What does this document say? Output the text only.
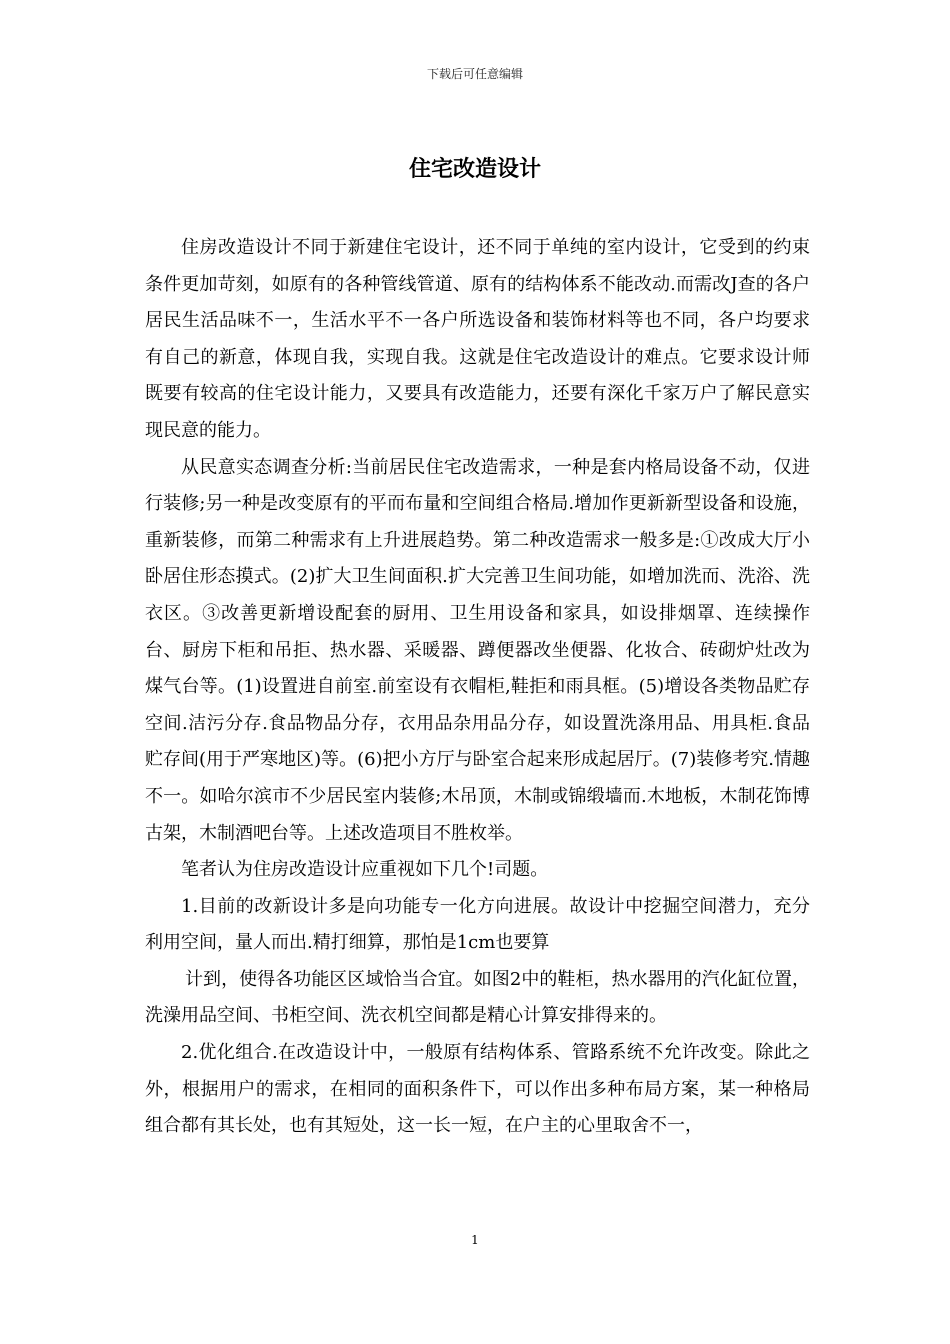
下载后可任意编辑
住宅改造设计

住房改造设计不同于新建住宅设计，还不同于单纯的室内设计，它受到的约束条件更加苛刻，如原有的各种管线管道、原有的结构体系不能改动.而需改J查的各户居民生活品味不一，生活水平不一各户所选设备和装饰材料等也不同，各户均要求有自己的新意，体现自我，实现自我。这就是住宅改造设计的难点。它要求设计师既要有较高的住宅设计能力，又要具有改造能力，还要有深化千家万户了解民意实现民意的能力。

从民意实态调查分析:当前居民住宅改造需求，一种是套内格局设备不动，仅进行装修;另一种是改变原有的平而布量和空间组合格局.增加作更新新型设备和设施，重新装修，而第二种需求有上升进展趋势。第二种改造需求一般多是:①改成大厅小卧居住形态摸式。(2)扩大卫生间面积.扩大完善卫生间功能，如增加洗而、洗浴、洗衣区。③改善更新增设配套的厨用、卫生用设备和家具，如设排烟罩、连续操作台、厨房下柜和吊拒、热水器、采暖器、蹲便器改坐便器、化妆合、砖砌炉灶改为煤气台等。(1)设置进自前室.前室设有衣帽柜,鞋拒和雨具框。(5)增设各类物品贮存空间.洁污分存.食品物品分存，衣用品杂用品分存，如设置洗涤用品、用具柜.食品贮存间(用于严寒地区)等。(6)把小方厅与卧室合起来形成起居厅。(7)装修考究.情趣不一。如哈尔滨市不少居民室内装修;木吊顶，木制或锦缎墙而.木地板，木制花饰博古架，木制酒吧台等。上述改造项目不胜枚举。

笔者认为住房改造设计应重视如下几个!司题。

1.目前的改新设计多是向功能专一化方向进展。故设计中挖掘空间潜力，充分利用空间，量人而出.精打细算，那怕是1cm也要算

计到，使得各功能区区域恰当合宜。如图2中的鞋柜，热水器用的汽化缸位置，洗澡用品空间、书柜空间、洗衣机空间都是精心计算安排得来的。

2.优化组合.在改造设计中，一般原有结构体系、管路系统不允许改变。除此之外，根据用户的需求，在相同的面积条件下，可以作出多种布局方案，某一种格局组合都有其长处，也有其短处，这一长一短，在户主的心里取舍不一，

1
